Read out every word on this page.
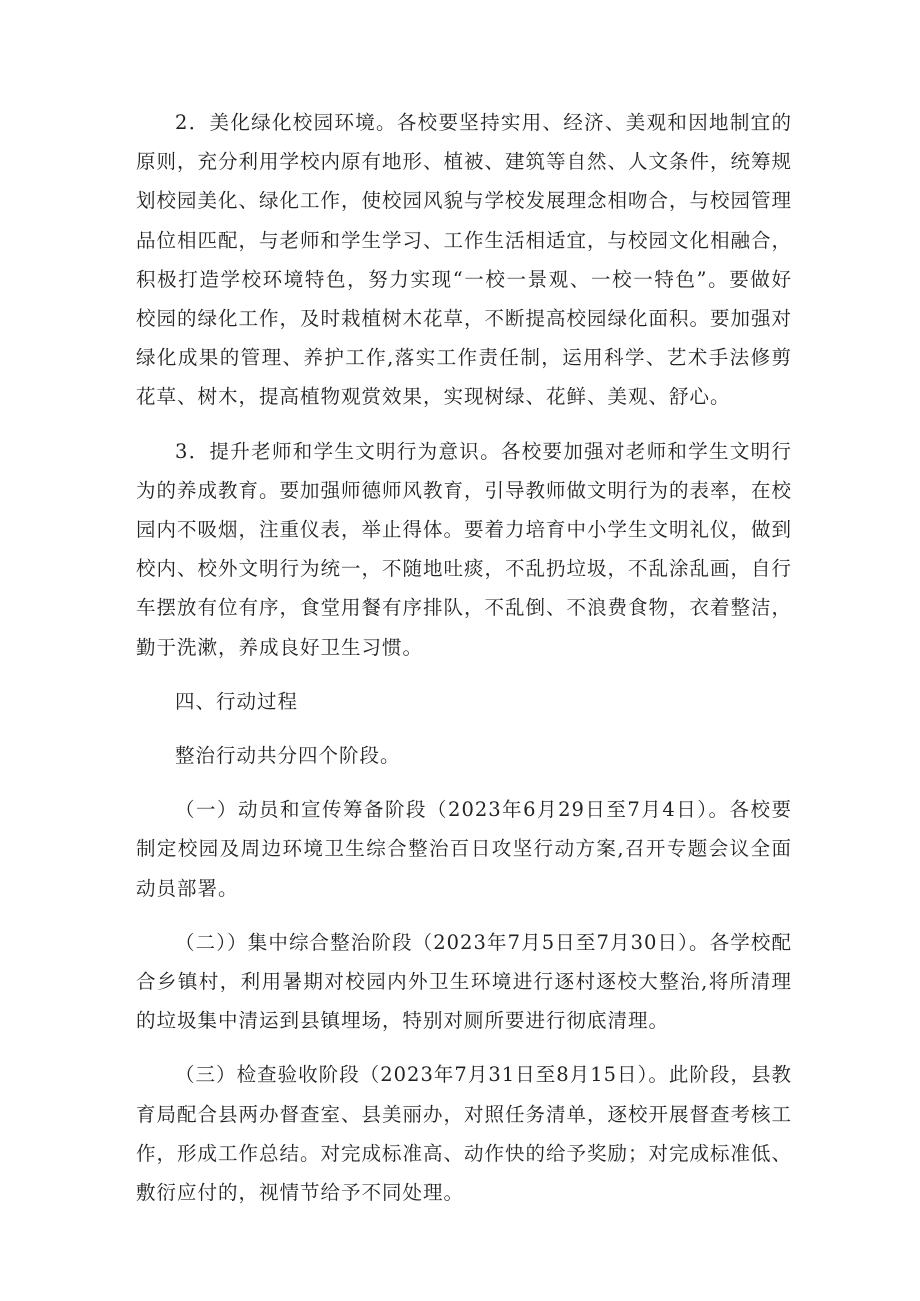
2．美化绿化校园环境。各校要坚持实用、经济、美观和因地制宜的原则，充分利用学校内原有地形、植被、建筑等自然、人文条件，统筹规划校园美化、绿化工作，使校园风貌与学校发展理念相吻合，与校园管理品位相匹配，与老师和学生学习、工作生活相适宜，与校园文化相融合，积极打造学校环境特色，努力实现“一校一景观、一校一特色”。要做好校园的绿化工作，及时栽植树木花草，不断提高校园绿化面积。要加强对绿化成果的管理、养护工作,落实工作责任制，运用科学、艺术手法修剪花草、树木，提高植物观赏效果，实现树绿、花鲜、美观、舒心。

3．提升老师和学生文明行为意识。各校要加强对老师和学生文明行为的养成教育。要加强师德师风教育，引导教师做文明行为的表率，在校园内不吸烟，注重仪表，举止得体。要着力培育中小学生文明礼仪，做到校内、校外文明行为统一，不随地吐痰，不乱扔垃圾，不乱涂乱画，自行车摆放有位有序，食堂用餐有序排队，不乱倒、不浪费食物，衣着整洁，勤于洗漱，养成良好卫生习惯。

四、行动过程

整治行动共分四个阶段。

（一）动员和宣传筹备阶段（2023年6月29日至7月4日）。各校要制定校园及周边环境卫生综合整治百日攻坚行动方案,召开专题会议全面动员部署。

（二））集中综合整治阶段（2023年7月5日至7月30日）。各学校配合乡镇村，利用暑期对校园内外卫生环境进行逐村逐校大整治,将所清理的垃圾集中清运到县镇埋场，特别对厕所要进行彻底清理。

（三）检查验收阶段（2023年7月31日至8月15日）。此阶段，县教育局配合县两办督查室、县美丽办，对照任务清单，逐校开展督查考核工作，形成工作总结。对完成标准高、动作快的给予奖励；对完成标准低、敷衍应付的，视情节给予不同处理。
